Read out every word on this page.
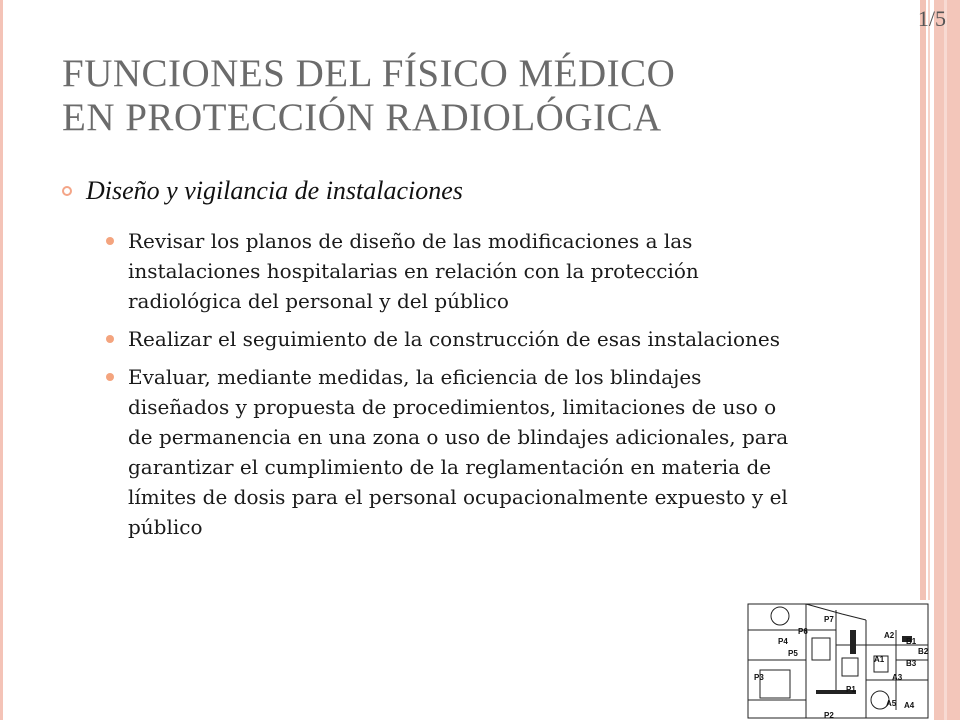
1/5
FUNCIONES DEL FÍSICO MÉDICO
EN PROTECCIÓN RADIOLÓGICA
Diseño y vigilancia de instalaciones
Revisar los planos de diseño de las modificaciones a las instalaciones hospitalarias en relación con la protección radiológica del personal y del público
Realizar el seguimiento de la construcción de esas instalaciones
Evaluar, mediante medidas, la eficiencia de los blindajes diseñados y propuesta de procedimientos, limitaciones de uso o de permanencia en una zona o uso de blindajes adicionales, para garantizar el cumplimiento de la reglamentación en materia de límites de dosis para el personal ocupacionalmente expuesto y el público
P7
A2
B1
P4
P6
B2
P5
A1	B3
P3	A3
P1
A5 A4
P2
